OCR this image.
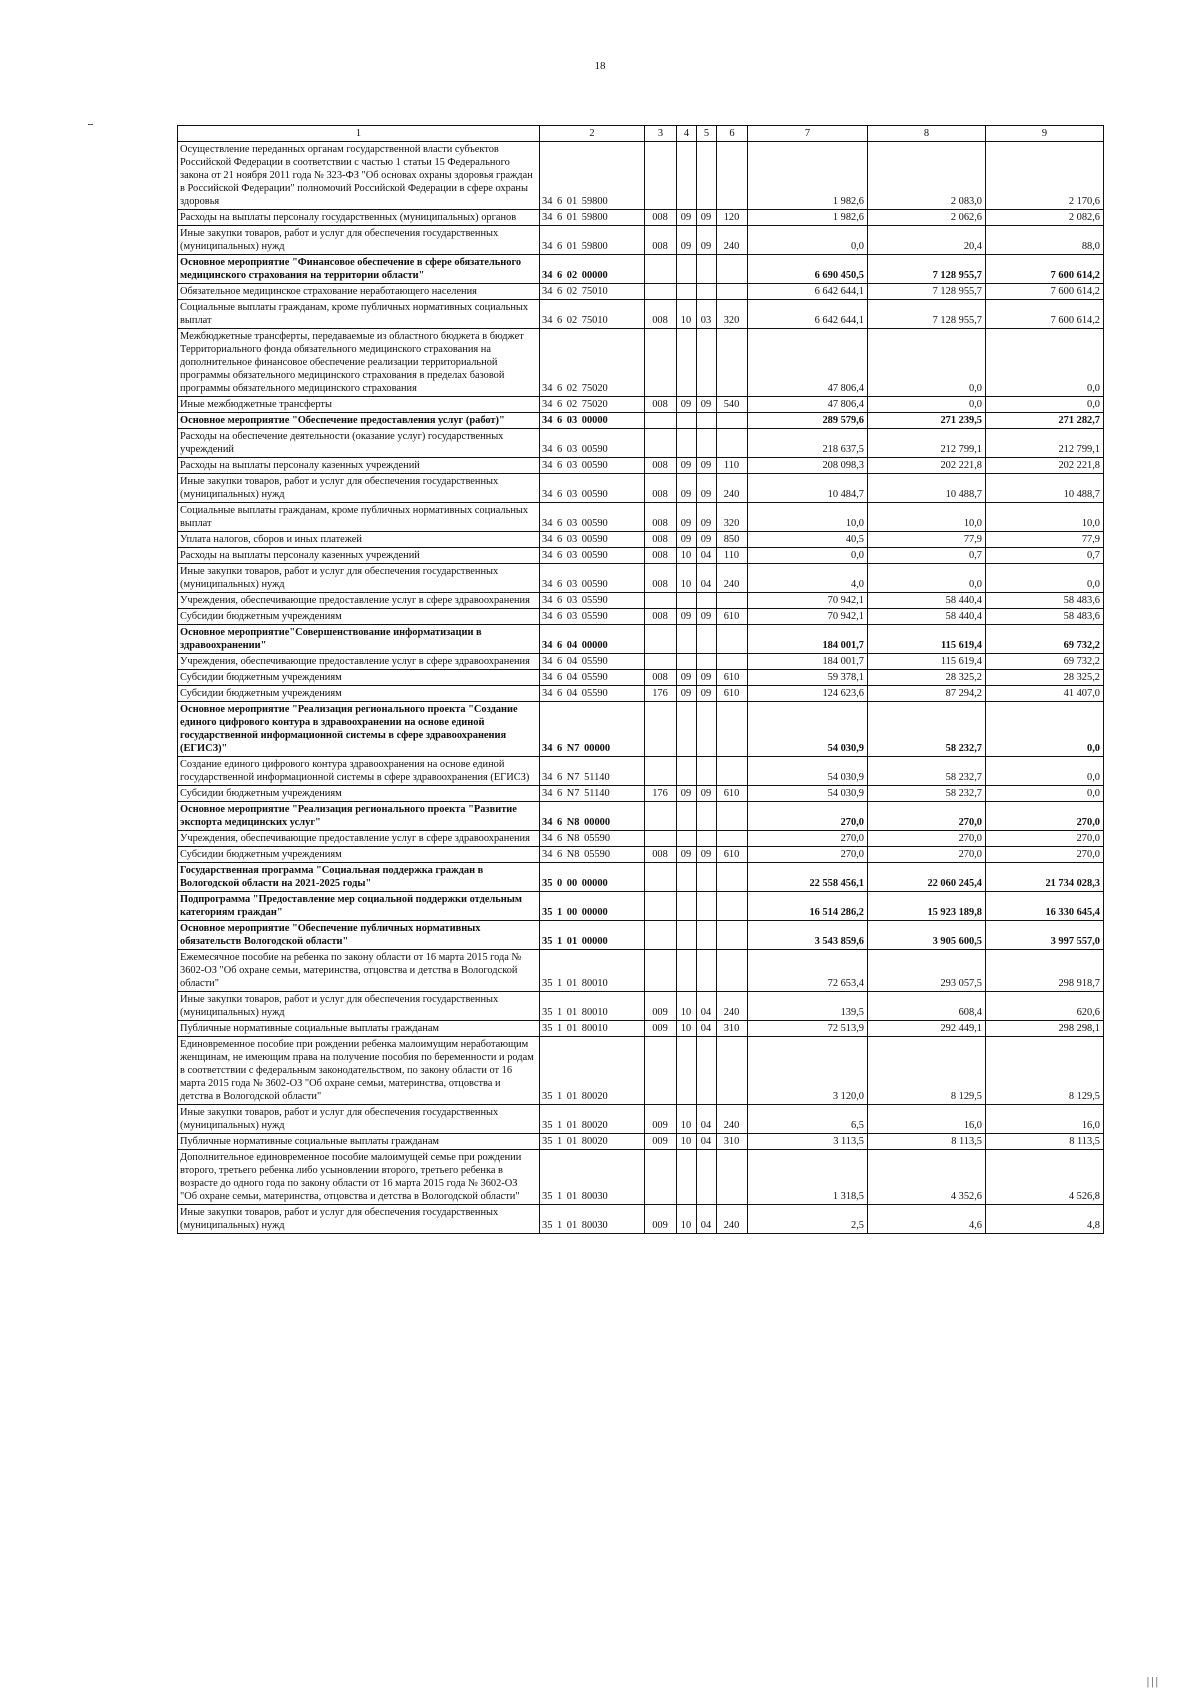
18
1	2	3	4	5	6	7	8	9
Осуществление переданных органам государственной власти субъектов Российской Федерации в соответствии с частью 1 статьи 15 Федерального закона от 21 ноября 2011 года № 323-ФЗ "Об основах охраны здоровья граждан в Российской Федерации" полномочий Российской Федерации в сфере охраны здоровья	34 6 01 59800					1 982,6	2 083,0	2 170,6
Расходы на выплаты персоналу государственных (муниципальных) органов	34 6 01 59800	008	09	09	120	1 982,6	2 062,6	2 082,6
Иные закупки товаров, работ и услуг для обеспечения государственных (муниципальных) нужд	34 6 01 59800	008	09	09	240	0,0	20,4	88,0
Основное мероприятие "Финансовое обеспечение в сфере обязательного медицинского страхования на территории области"	34 6 02 00000					6 690 450,5	7 128 955,7	7 600 614,2
Обязательное медицинское страхование неработающего населения	34 6 02 75010					6 642 644,1	7 128 955,7	7 600 614,2
Социальные выплаты гражданам, кроме публичных нормативных социальных выплат	34 6 02 75010	008	10	03	320	6 642 644,1	7 128 955,7	7 600 614,2
Межбюджетные трансферты, передаваемые из областного бюджета в бюджет Территориального фонда обязательного медицинского страхования на дополнительное финансовое обеспечение реализации территориальной программы обязательного медицинского страхования в пределах базовой программы обязательного медицинского страхования	34 6 02 75020					47 806,4	0,0	0,0
Иные межбюджетные трансферты	34 6 02 75020	008	09	09	540	47 806,4	0,0	0,0
Основное мероприятие "Обеспечение предоставления услуг (работ)"	34 6 03 00000					289 579,6	271 239,5	271 282,7
Расходы на обеспечение деятельности (оказание услуг) государственных учреждений	34 6 03 00590					218 637,5	212 799,1	212 799,1
Расходы на выплаты персоналу казенных учреждений	34 6 03 00590	008	09	09	110	208 098,3	202 221,8	202 221,8
Иные закупки товаров, работ и услуг для обеспечения государственных (муниципальных) нужд	34 6 03 00590	008	09	09	240	10 484,7	10 488,7	10 488,7
Социальные выплаты гражданам, кроме публичных нормативных социальных выплат	34 6 03 00590	008	09	09	320	10,0	10,0	10,0
Уплата налогов, сборов и иных платежей	34 6 03 00590	008	09	09	850	40,5	77,9	77,9
Расходы на выплаты персоналу казенных учреждений	34 6 03 00590	008	10	04	110	0,0	0,7	0,7
Иные закупки товаров, работ и услуг для обеспечения государственных (муниципальных) нужд	34 6 03 00590	008	10	04	240	4,0	0,0	0,0
Учреждения, обеспечивающие предоставление услуг в сфере здравоохранения	34 6 03 05590					70 942,1	58 440,4	58 483,6
Субсидии бюджетным учреждениям	34 6 03 05590	008	09	09	610	70 942,1	58 440,4	58 483,6
Основное мероприятие"Совершенствование информатизации в здравоохранении"	34 6 04 00000					184 001,7	115 619,4	69 732,2
Учреждения, обеспечивающие предоставление услуг в сфере здравоохранения	34 6 04 05590					184 001,7	115 619,4	69 732,2
Субсидии бюджетным учреждениям	34 6 04 05590	008	09	09	610	59 378,1	28 325,2	28 325,2
Субсидии бюджетным учреждениям	34 6 04 05590	176	09	09	610	124 623,6	87 294,2	41 407,0
Основное мероприятие "Реализация регионального проекта "Создание единого цифрового контура в здравоохранении на основе единой государственной информационной системы в сфере здравоохранения (ЕГИСЗ)"	34 6 N7 00000					54 030,9	58 232,7	0,0
Создание единого цифрового контура здравоохранения на основе единой государственной информационной системы в сфере здравоохранения (ЕГИСЗ)	34 6 N7 51140					54 030,9	58 232,7	0,0
Субсидии бюджетным учреждениям	34 6 N7 51140	176	09	09	610	54 030,9	58 232,7	0,0
Основное мероприятие "Реализация регионального проекта "Развитие экспорта медицинских услуг"	34 6 N8 00000					270,0	270,0	270,0
Учреждения, обеспечивающие предоставление услуг в сфере здравоохранения	34 6 N8 05590					270,0	270,0	270,0
Субсидии бюджетным учреждениям	34 6 N8 05590	008	09	09	610	270,0	270,0	270,0
Государственная программа "Социальная поддержка граждан в Вологодской области на 2021-2025 годы"	35 0 00 00000					22 558 456,1	22 060 245,4	21 734 028,3
Подпрограмма "Предоставление мер социальной поддержки отдельным категориям граждан"	35 1 00 00000					16 514 286,2	15 923 189,8	16 330 645,4
Основное мероприятие "Обеспечение публичных нормативных обязательств Вологодской области"	35 1 01 00000					3 543 859,6	3 905 600,5	3 997 557,0
Ежемесячное пособие на ребенка по закону области от 16 марта 2015 года № 3602-ОЗ "Об охране семьи, материнства, отцовства и детства в Вологодской области"	35 1 01 80010					72 653,4	293 057,5	298 918,7
Иные закупки товаров, работ и услуг для обеспечения государственных (муниципальных) нужд	35 1 01 80010	009	10	04	240	139,5	608,4	620,6
Публичные нормативные социальные выплаты гражданам	35 1 01 80010	009	10	04	310	72 513,9	292 449,1	298 298,1
Единовременное пособие при рождении ребенка малоимущим неработающим женщинам, не имеющим права на получение пособия по беременности и родам в соответствии с федеральным законодательством, по закону области от 16 марта 2015 года № 3602-ОЗ "Об охране семьи, материнства, отцовства и детства в Вологодской области"	35 1 01 80020					3 120,0	8 129,5	8 129,5
Иные закупки товаров, работ и услуг для обеспечения государственных (муниципальных) нужд	35 1 01 80020	009	10	04	240	6,5	16,0	16,0
Публичные нормативные социальные выплаты гражданам	35 1 01 80020	009	10	04	310	3 113,5	8 113,5	8 113,5
Дополнительное единовременное пособие малоимущей семье при рождении второго, третьего ребенка либо усыновлении второго, третьего ребенка в возрасте до одного года по закону области от 16 марта 2015 года № 3602-ОЗ "Об охране семьи, материнства, отцовства и детства в Вологодской области"	35 1 01 80030					1 318,5	4 352,6	4 526,8
Иные закупки товаров, работ и услуг для обеспечения государственных (муниципальных) нужд	35 1 01 80030	009	10	04	240	2,5	4,6	4,8
|||
